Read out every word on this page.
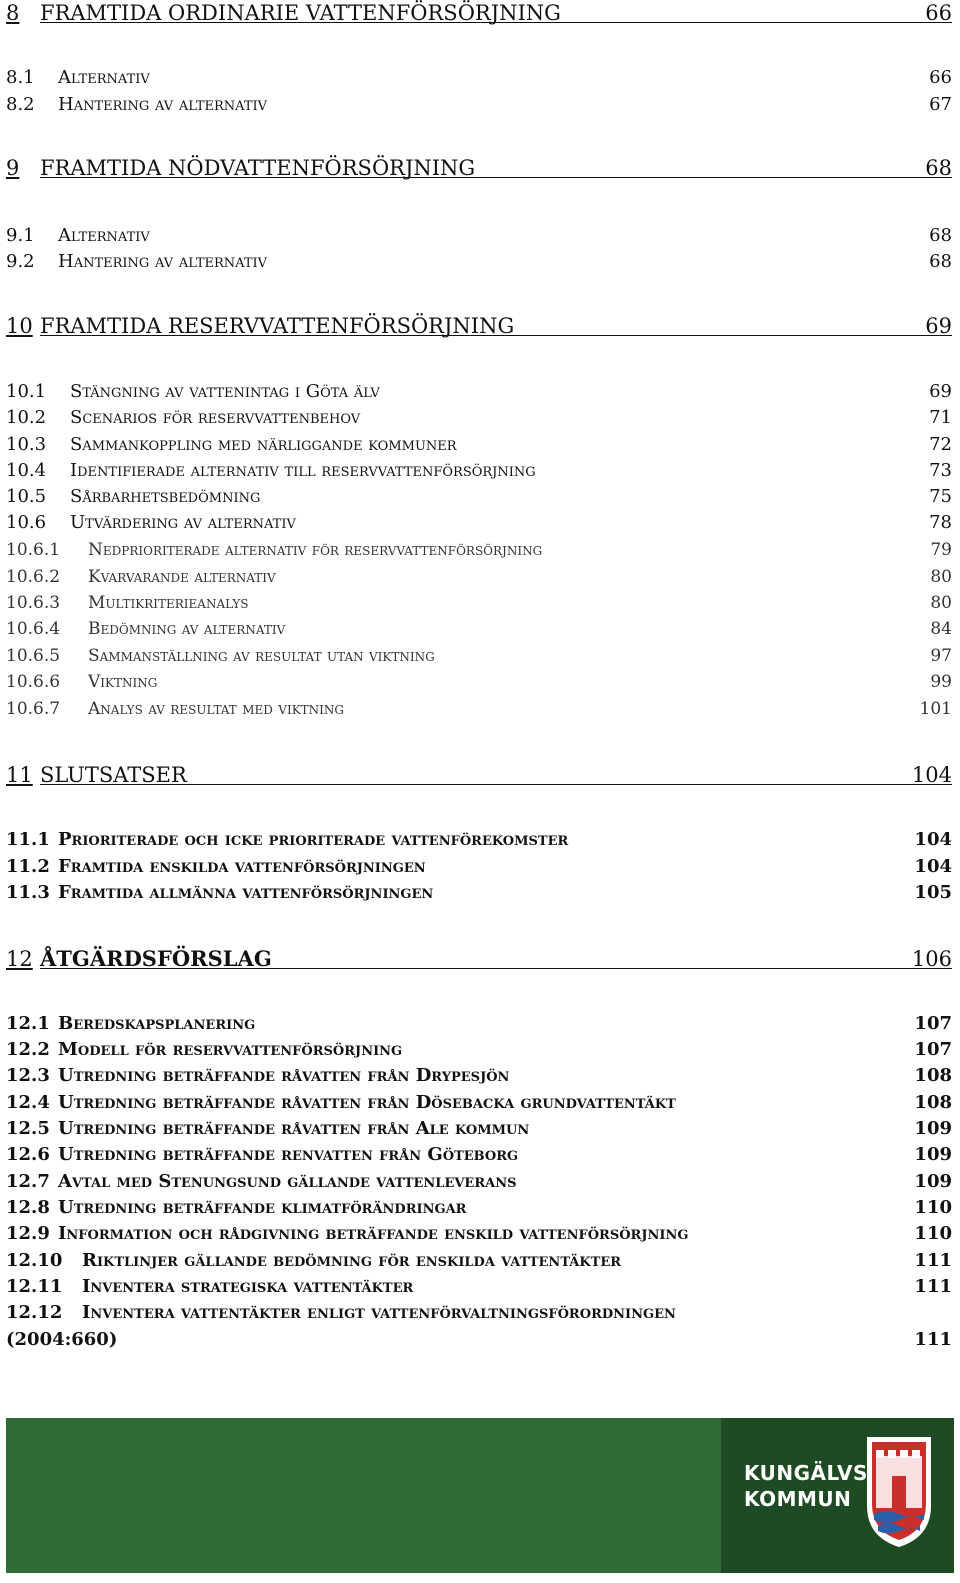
8 FRAMTIDA ORDINARIE VATTENFÖRSÖRJNING	66
8.1 Alternativ	66
8.2 Hantering av alternativ	67
9 FRAMTIDA NÖDVATTENFÖRSÖRJNING	68
9.1 Alternativ	68
9.2 Hantering av alternativ	68
10 FRAMTIDA RESERVVATTENFÖRSÖRJNING	69
10.1 Stängning av vattenintag i Göta älv	69
10.2 Scenarios för reservvattenbehov	71
10.3 Sammankoppling med närliggande kommuner	72
10.4 Identifierade alternativ till reservvattenförsörjning	73
10.5 Sårbarhetsbedömning	75
10.6 Utvärdering av alternativ	78
10.6.1 Nedprioriterade alternativ för reservvattenförsörjning	79
10.6.2 Kvarvarande alternativ	80
10.6.3 Multikriterieanalys	80
10.6.4 Bedömning av alternativ	84
10.6.5 Sammanställning av resultat utan viktning	97
10.6.6 Viktning	99
10.6.7 Analys av resultat med viktning	101
11 SLUTSATSER	104
11.1 Prioriterade och icke prioriterade vattenförekomster	104
11.2 Framtida enskilda vattenförsörjningen	104
11.3 Framtida allmänna vattenförsörjningen	105
12 ÅTGÄRDSFÖRSLAG	106
12.1 Beredskapsplanering	107
12.2 Modell för reservvattenförsörjning	107
12.3 Utredning beträffande råvatten från Drypesjön	108
12.4 Utredning beträffande råvatten från Dösebacka grundvattentäkt	108
12.5 Utredning beträffande råvatten från Ale kommun	109
12.6 Utredning beträffande renvatten från Göteborg	109
12.7 Avtal med Stenungsund gällande vattenleverans	109
12.8 Utredning beträffande klimatförändringar	110
12.9 Information och rådgivning beträffande enskild vattenförsörjning	110
12.10 Riktlinjer gällande bedömning för enskilda vattentäkter	111
12.11 Inventera strategiska vattentäkter	111
12.12 Inventera vattentäkter enligt vattenförvaltningsförordningen
(2004:660)	111
KUNGÄLVS
KOMMUN
